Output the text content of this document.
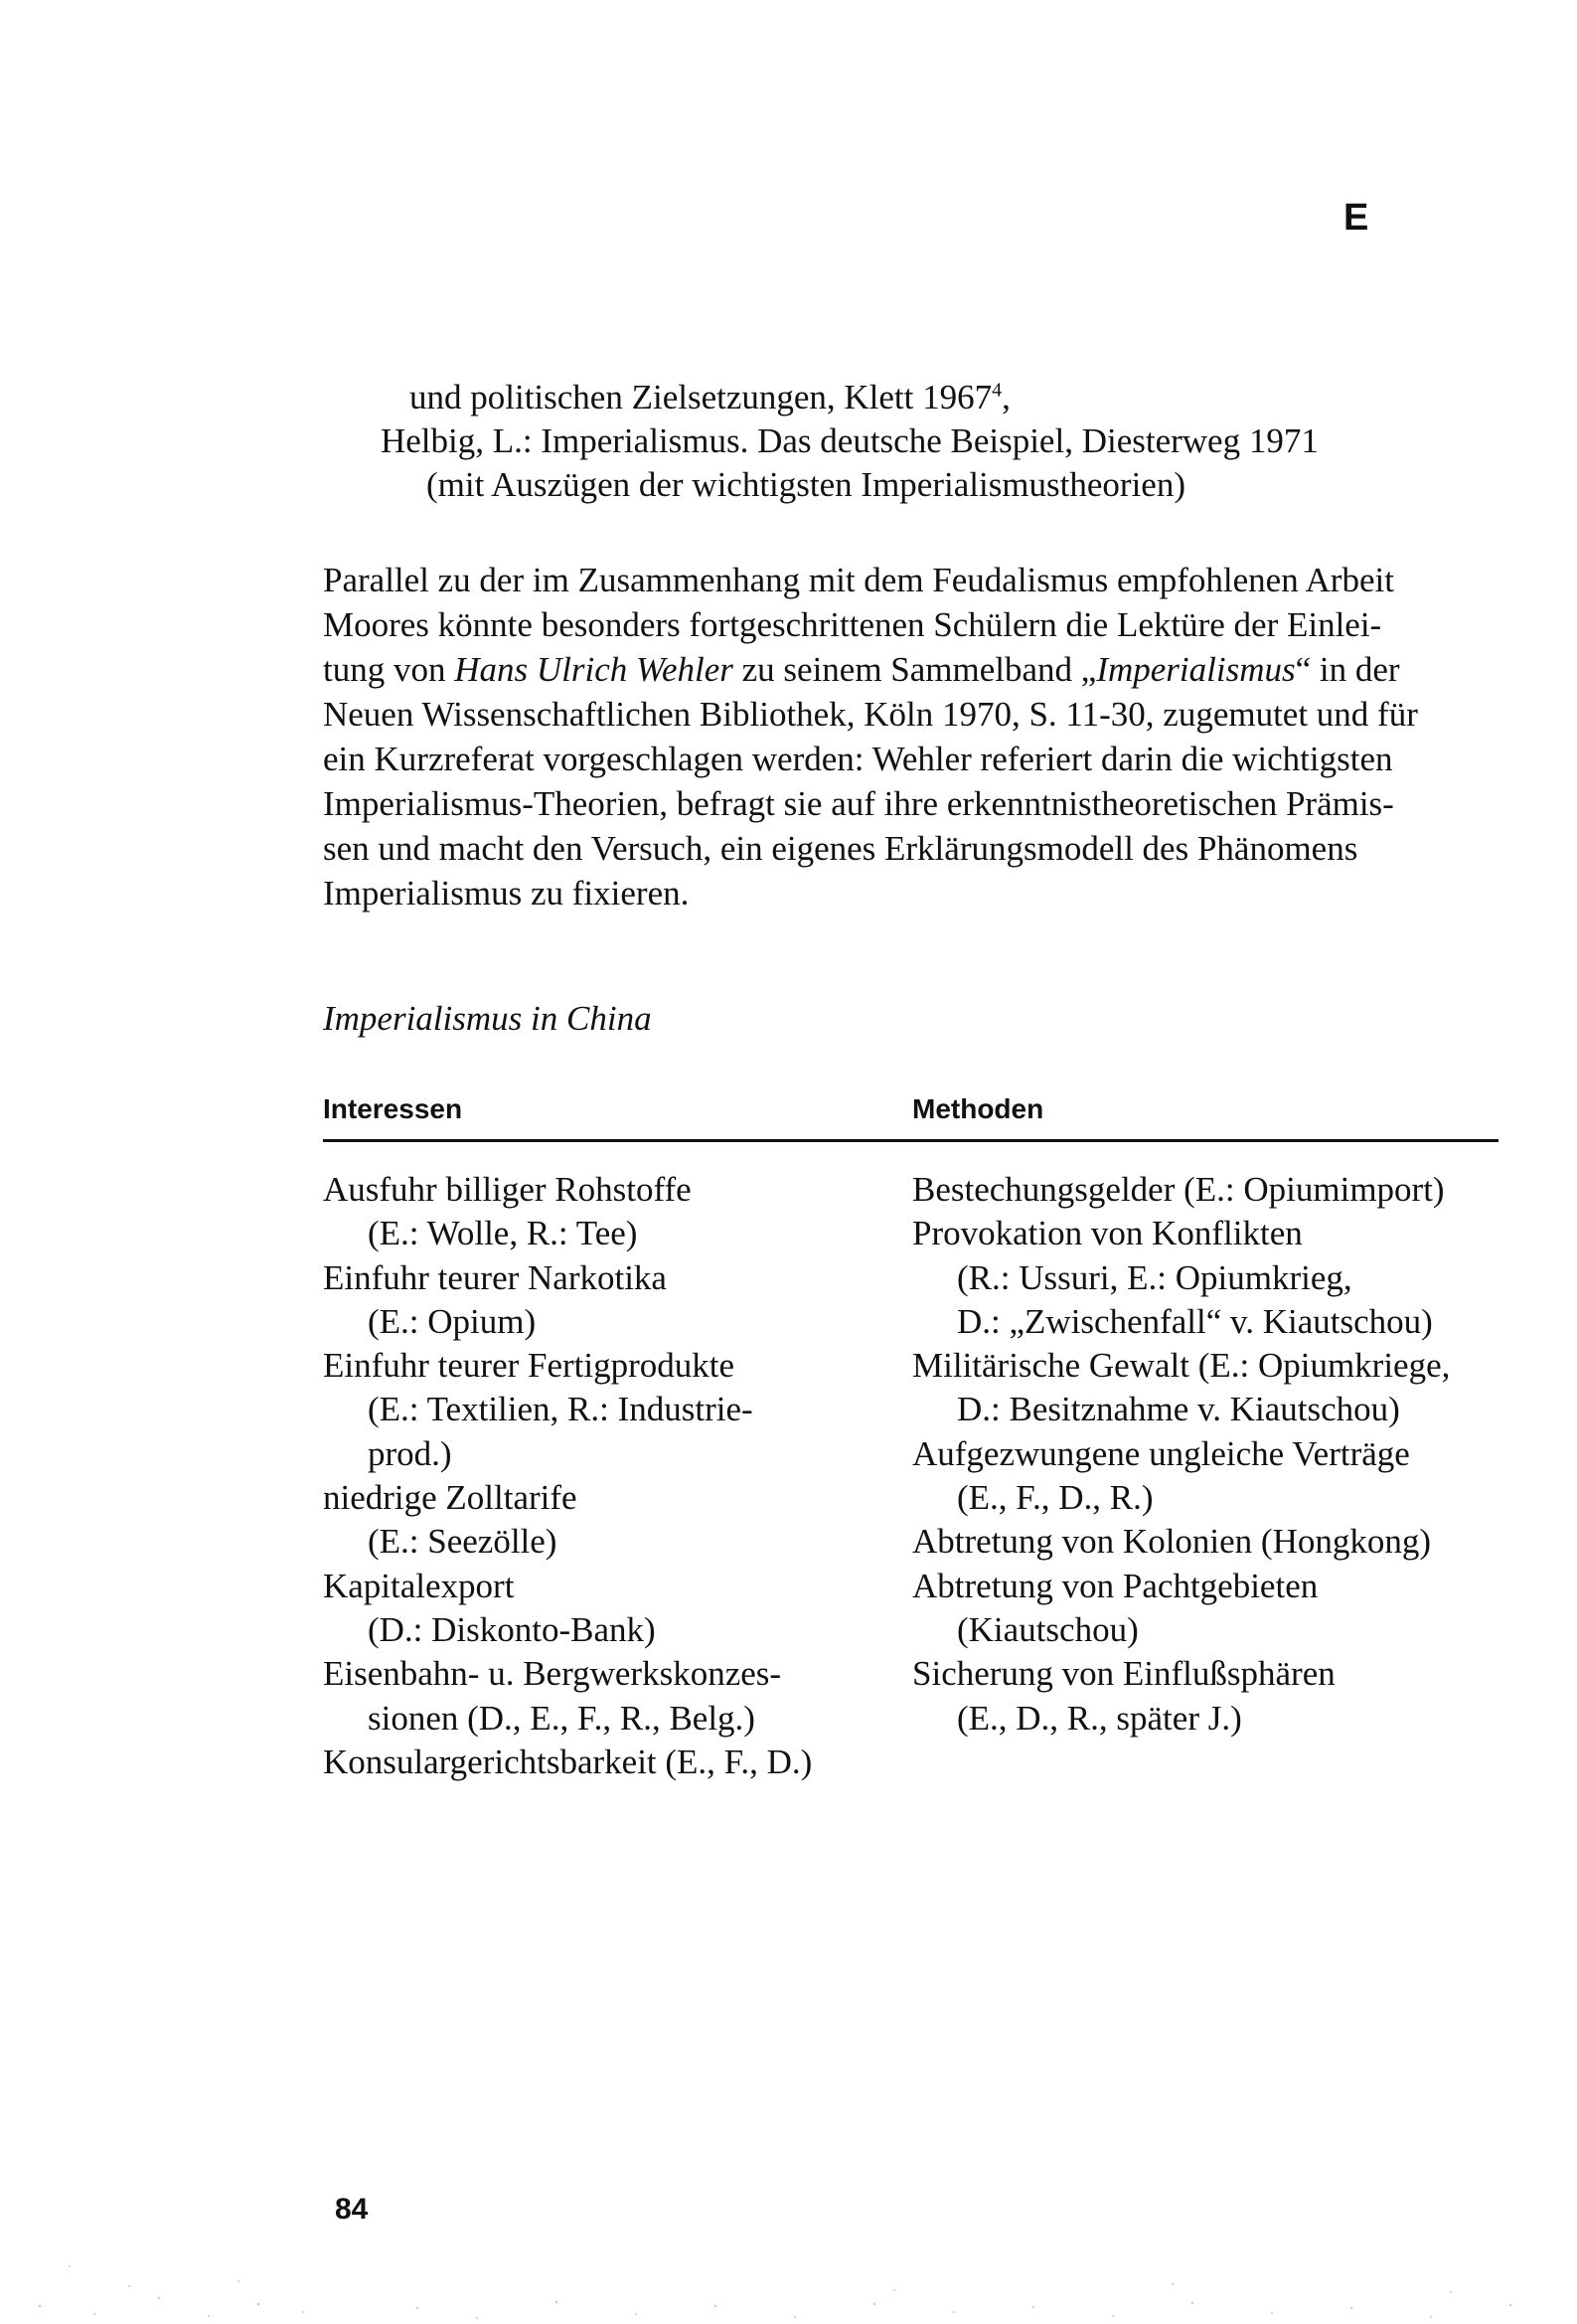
E

und politischen Zielsetzungen, Klett 1967$^4$,

Helbig, L.: Imperialismus. Das deutsche Beispiel, Diesterweg 1971

(mit Auszügen der wichtigsten Imperialismustheorien)

Parallel zu der im Zusammenhang mit dem Feudalismus empfohlenen Arbeit

Moores könnte besonders fortgeschrittenen Schülern die Lektüre der Einlei-

tung von Hans Ulrich Wehler zu seinem Sammelband „Imperialismus“ in der

Neuen Wissenschaftlichen Bibliothek, Köln 1970, S. 11-30, zugemutet und für

ein Kurzreferat vorgeschlagen werden: Wehler referiert darin die wichtigsten

Imperialismus-Theorien, befragt sie auf ihre erkenntnistheoretischen Prämis-

sen und macht den Versuch, ein eigenes Erklärungsmodell des Phänomens

Imperialismus zu fixieren.

Imperialismus in China

Interessen	Methoden

Ausfuhr billiger Rohstoffe
(E.: Wolle, R.: Tee)
Einfuhr teurer Narkotika
(E.: Opium)
Einfuhr teurer Fertigprodukte
(E.: Textilien, R.: Industrie-
prod.)
niedrige Zolltarife
(E.: Seezölle)
Kapitalexport
(D.: Diskonto-Bank)
Eisenbahn- u. Bergwerkskonzes-
sionen (D., E., F., R., Belg.)
Konsulargerichtsbarkeit (E., F., D.)
Bestechungsgelder (E.: Opiumimport)
Provokation von Konflikten
(R.: Ussuri, E.: Opiumkrieg,
D.: „Zwischenfall“ v. Kiautschou)
Militärische Gewalt (E.: Opiumkriege,
D.: Besitznahme v. Kiautschou)
Aufgezwungene ungleiche Verträge
(E., F., D., R.)
Abtretung von Kolonien (Hongkong)
Abtretung von Pachtgebieten
(Kiautschou)
Sicherung von Einflußsphären
(E., D., R., später J.)

84
